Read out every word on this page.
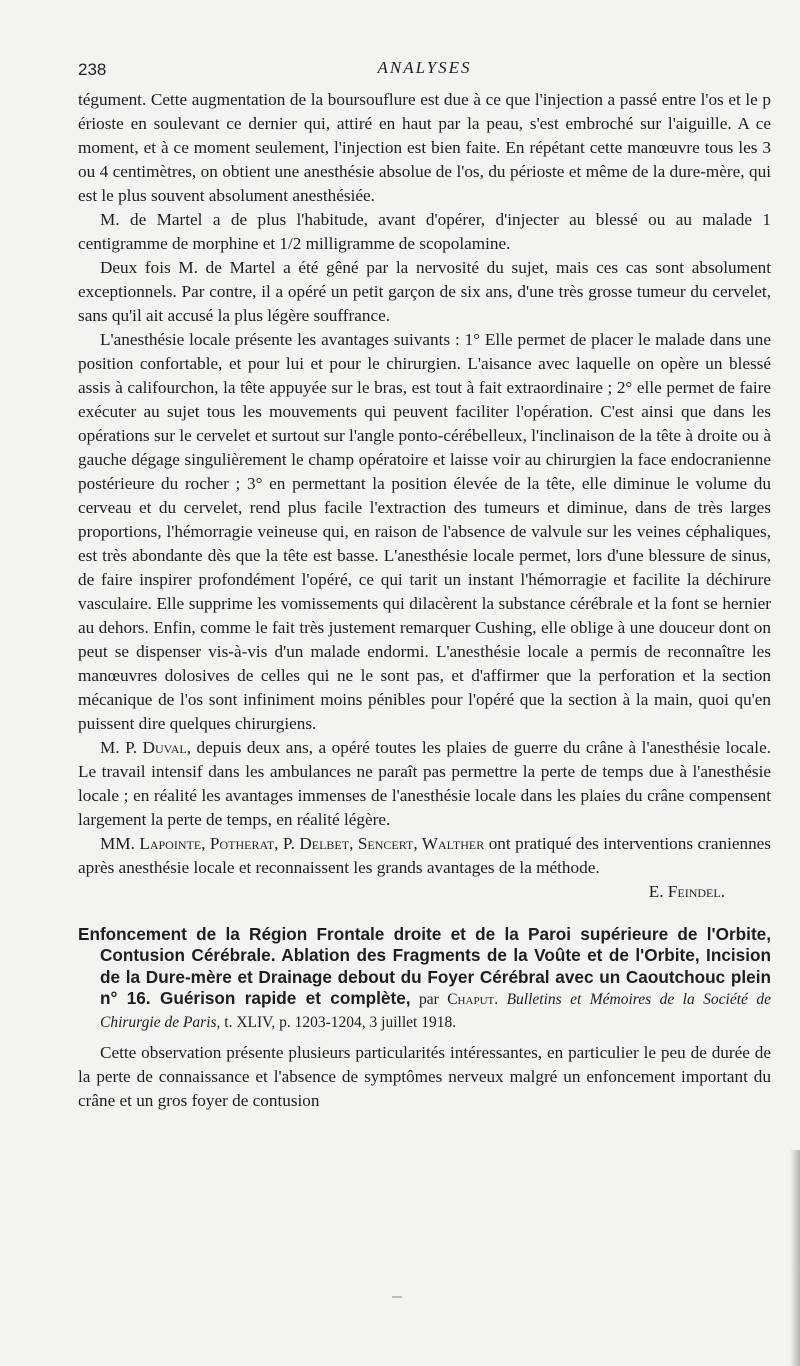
238	ANALYSES

tégument. Cette augmentation de la boursouflure est due à ce que l'injection a passé entre l'os et le p érioste en soulevant ce dernier qui, attiré en haut par la peau, s'est embroché sur l'aiguille. A ce moment, et à ce moment seulement, l'injection est bien faite. En répétant cette manœuvre tous les 3 ou 4 centimètres, on obtient une anesthésie absolue de l'os, du périoste et même de la dure-mère, qui est le plus souvent absolument anesthésiée.

M. de Martel a de plus l'habitude, avant d'opérer, d'injecter au blessé ou au malade 1 centigramme de morphine et 1/2 milligramme de scopolamine.

Deux fois M. de Martel a été gêné par la nervosité du sujet, mais ces cas sont absolument exceptionnels. Par contre, il a opéré un petit garçon de six ans, d'une très grosse tumeur du cervelet, sans qu'il ait accusé la plus légère souffrance.

L'anesthésie locale présente les avantages suivants : 1° Elle permet de placer le malade dans une position confortable, et pour lui et pour le chirurgien. L'aisance avec laquelle on opère un blessé assis à califourchon, la tête appuyée sur le bras, est tout à fait extraordinaire ; 2° elle permet de faire exécuter au sujet tous les mouvements qui peuvent faciliter l'opération. C'est ainsi que dans les opérations sur le cervelet et surtout sur l'angle ponto-cérébelleux, l'inclinaison de la tête à droite ou à gauche dégage singulièrement le champ opératoire et laisse voir au chirurgien la face endocranienne postérieure du rocher ; 3° en permettant la position élevée de la tête, elle diminue le volume du cerveau et du cervelet, rend plus facile l'extraction des tumeurs et diminue, dans de très larges proportions, l'hémorragie veineuse qui, en raison de l'absence de valvule sur les veines céphaliques, est très abondante dès que la tête est basse. L'anesthésie locale permet, lors d'une blessure de sinus, de faire inspirer profondément l'opéré, ce qui tarit un instant l'hémorragie et facilite la déchirure vasculaire. Elle supprime les vomissements qui dilacèrent la substance cérébrale et la font se hernier au dehors. Enfin, comme le fait très justement remarquer Cushing, elle oblige à une douceur dont on peut se dispenser vis-à-vis d'un malade endormi. L'anesthésie locale a permis de reconnaître les manœuvres dolosives de celles qui ne le sont pas, et d'affirmer que la perforation et la section mécanique de l'os sont infiniment moins pénibles pour l'opéré que la section à la main, quoi qu'en puissent dire quelques chirurgiens.

M. P. Duval, depuis deux ans, a opéré toutes les plaies de guerre du crâne à l'anesthésie locale. Le travail intensif dans les ambulances ne paraît pas permettre la perte de temps due à l'anesthésie locale ; en réalité les avantages immenses de l'anesthésie locale dans les plaies du crâne compensent largement la perte de temps, en réalité légère.

MM. Lapointe, Potherat, P. Delbet, Sencert, Walther ont pratiqué des interventions craniennes après anesthésie locale et reconnaissent les grands avantages de la méthode.

E. Feindel.

Enfoncement de la Région Frontale droite et de la Paroi supérieure de l'Orbite, Contusion Cérébrale. Ablation des Fragments de la Voûte et de l'Orbite, Incision de la Dure-mère et Drainage debout du Foyer Cérébral avec un Caoutchouc plein n° 16. Guérison rapide et complète, par Chaput. Bulletins et Mémoires de la Société de Chirurgie de Paris, t. XLIV, p. 1203-1204, 3 juillet 1918.

Cette observation présente plusieurs particularités intéressantes, en particulier le peu de durée de la perte de connaissance et l'absence de symptômes nerveux malgré un enfoncement important du crâne et un gros foyer de contusion
